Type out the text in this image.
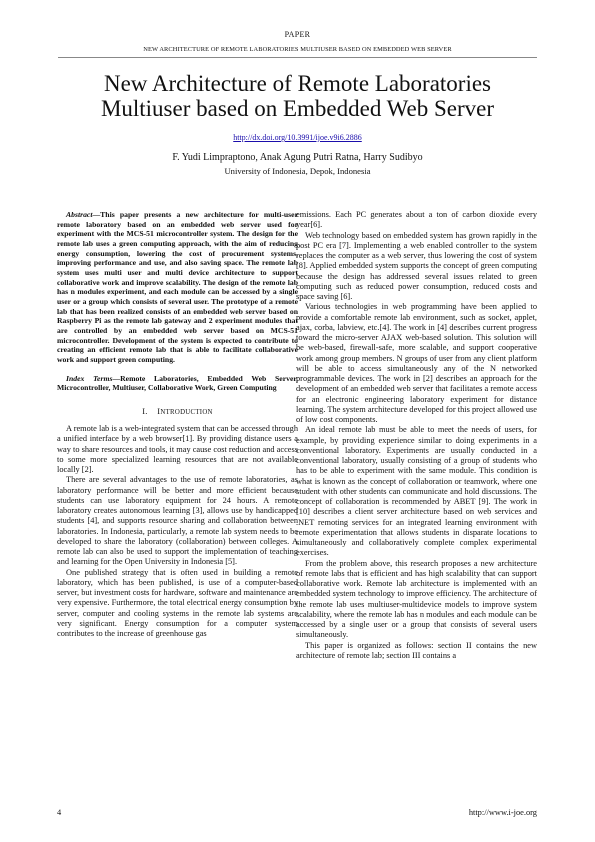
PAPER
NEW ARCHITECTURE OF REMOTE LABORATORIES MULTIUSER BASED ON EMBEDDED WEB SERVER
New Architecture of Remote Laboratories
Multiuser based on Embedded Web Server
http://dx.doi.org/10.3991/ijoe.v9i6.2886
F. Yudi Limpraptono, Anak Agung Putri Ratna, Harry Sudibyo
University of Indonesia, Depok, Indonesia

Abstract—This paper presents a new architecture for multi-user remote laboratory based on an embedded web server used for experiment with the MCS-51 microcontroller system. The design for the remote lab uses a green computing approach, with the aim of reducing energy consumption, lowering the cost of procurement systems, improving performance and use, and also saving space. The remote lab system uses multi user and multi device architecture to support collaborative work and improve scalability. The design of the remote lab has n modules experiment, and each module can be accessed by a single user or a group which consists of several user. The prototype of a remote lab that has been realized consists of an embedded web server based on Raspberry Pi as the remote lab gateway and 2 experiment modules that are controlled by an embedded web server based on MCS-51 microcontroller. Development of the system is expected to contribute to creating an efficient remote lab that is able to facilitate collaborative work and support green computing.

Index Terms—Remote Laboratories, Embedded Web Server, Microcontroller, Multiuser, Collaborative Work, Green Computing

I. INTRODUCTION

A remote lab is a web-integrated system that can be accessed through a unified interface by a web browser[1]. By providing distance users a way to share resources and tools, it may cause cost reduction and access to some more specialized learning resources that are not available locally [2].

There are several advantages to the use of remote laboratories, as laboratory performance will be better and more efficient because students can use laboratory equipment for 24 hours. A remote laboratory creates autonomous learning [3], allows use by handicapped students [4], and supports resource sharing and collaboration between laboratories. In Indonesia, particularly, a remote lab system needs to be developed to share the laboratory (collaboration) between colleges. A remote lab can also be used to support the implementation of teaching and learning for the Open University in Indonesia [5].

One published strategy that is often used in building a remote laboratory, which has been published, is use of a computer-based server, but investment costs for hardware, software and maintenance are very expensive. Furthermore, the total electrical energy consumption by server, computer and cooling systems in the remote lab systems are very significant. Energy consumption for a computer system contributes to the increase of greenhouse gas

emissions. Each PC generates about a ton of carbon dioxide every year[6].

Web technology based on embedded system has grown rapidly in the post PC era [7]. Implementing a web enabled controller to the system replaces the computer as a web server, thus lowering the cost of system [8]. Applied embedded system supports the concept of green computing because the design has addressed several issues related to green computing such as reduced power consumption, reduced costs and space saving [6].

Various technologies in web programming have been applied to provide a comfortable remote lab environment, such as socket, applet, ajax, corba, labview, etc.[4]. The work in [4] describes current progress toward the micro-server AJAX web-based solution. This solution will be web-based, firewall-safe, more scalable, and support cooperative work among group members. N groups of user from any client platform will be able to access simultaneously any of the N networked programmable devices. The work in [2] describes an approach for the development of an embedded web server that facilitates a remote access for an electronic engineering laboratory experiment for distance learning. The system architecture developed for this project allowed use of low cost components.

An ideal remote lab must be able to meet the needs of users, for example, by providing experience similar to doing experiments in a conventional laboratory. Experiments are usually conducted in a conventional laboratory, usually consisting of a group of students who has to be able to experiment with the same module. This condition is what is known as the concept of collaboration or teamwork, where one student with other students can communicate and hold discussions. The concept of collaboration is recommended by ABET [9]. The work in [10] describes a client server architecture based on web services and .NET remoting services for an integrated learning environment with remote experimentation that allows students in disparate locations to simultaneously and collaboratively complete complex experimental exercises.

From the problem above, this research proposes a new architecture of remote labs that is efficient and has high scalability that can support collaborative work. Remote lab architecture is implemented with an embedded system technology to improve efficiency. The architecture of the remote lab uses multiuser-multidevice models to improve system scalability, where the remote lab has n modules and each module can be accessed by a single user or a group that consists of several users simultaneously.

This paper is organized as follows: section II contains the new architecture of remote lab; section III contains a

4	http://www.i-joe.org
